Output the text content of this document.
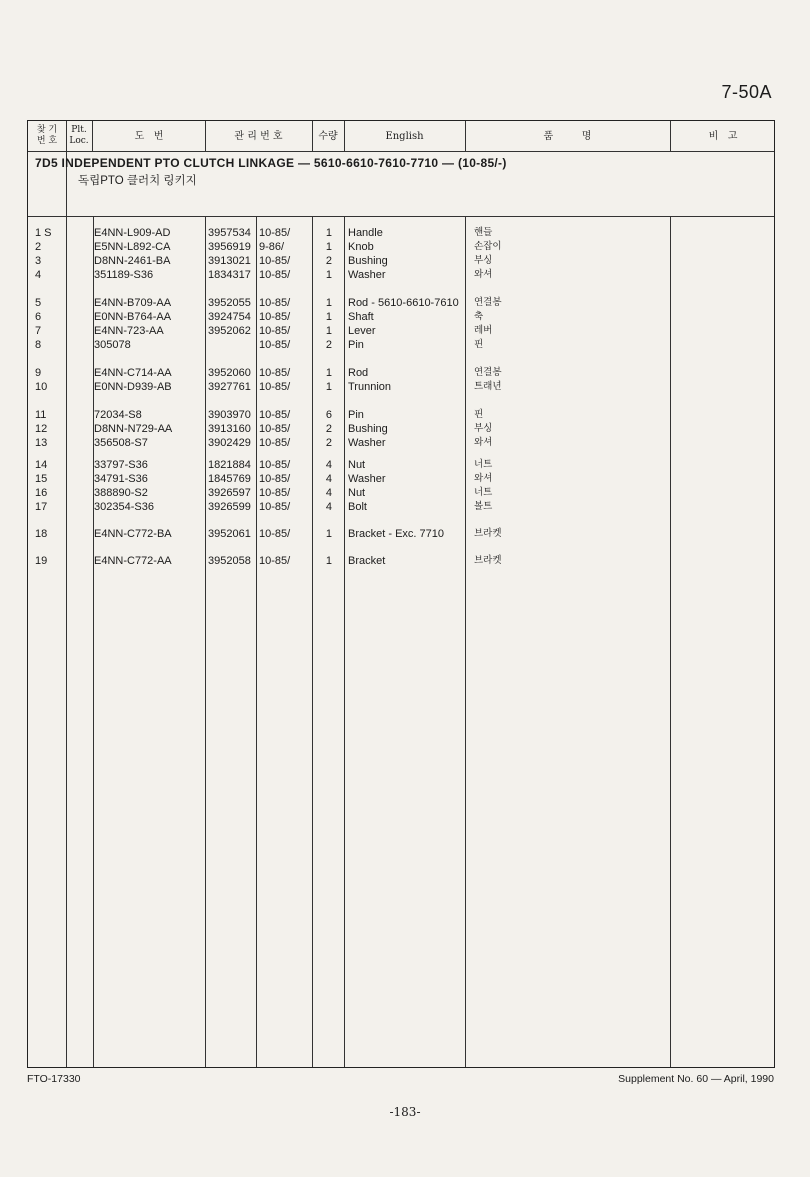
7-50A
찾 기
번 호
Plt.
Loc.	도   번	관 리 번 호	수량	English	품         명	비   고
7D5 INDEPENDENT PTO CLUTCH LINKAGE — 5610-6610-7610-7710 — (10-85/-)
독립PTO 클러치 링키지
1 S	E4NN-L909-AD	3957534 10-85/	1 Handle	핸들
2	E5NN-L892-CA	3956919 9-86/	1 Knob	손잡이
3	D8NN-2461-BA	3913021 10-85/	2 Bushing	부싱
4	351189-S36	1834317 10-85/	1 Washer	와셔
5	E4NN-B709-AA	3952055 10-85/	1 Rod - 5610-6610-7610 연결봉
6	E0NN-B764-AA	3924754 10-85/	1 Shaft	축
7	E4NN-723-AA	3952062 10-85/	1 Lever	레버
8	305078	10-85/	2 Pin	핀
9	E4NN-C714-AA	3952060 10-85/	1 Rod	연결봉
10	E0NN-D939-AB	3927761 10-85/	1 Trunnion	트래년
11	72034-S8	3903970 10-85/	6 Pin	핀
12	D8NN-N729-AA	3913160 10-85/	2 Bushing	부싱
13	356508-S7	3902429 10-85/	2 Washer	와셔
14	33797-S36	1821884 10-85/	4 Nut	너트
15	34791-S36	1845769 10-85/	4 Washer	와셔
16	388890-S2	3926597 10-85/	4 Nut	너트
17	302354-S36	3926599 10-85/	4 Bolt	볼트
18	E4NN-C772-BA	3952061 10-85/	1 Bracket - Exc. 7710	브라켓
19	E4NN-C772-AA	3952058 10-85/	1 Bracket	브라켓
FTO-17330	Supplement No. 60 — April, 1990
-183-
